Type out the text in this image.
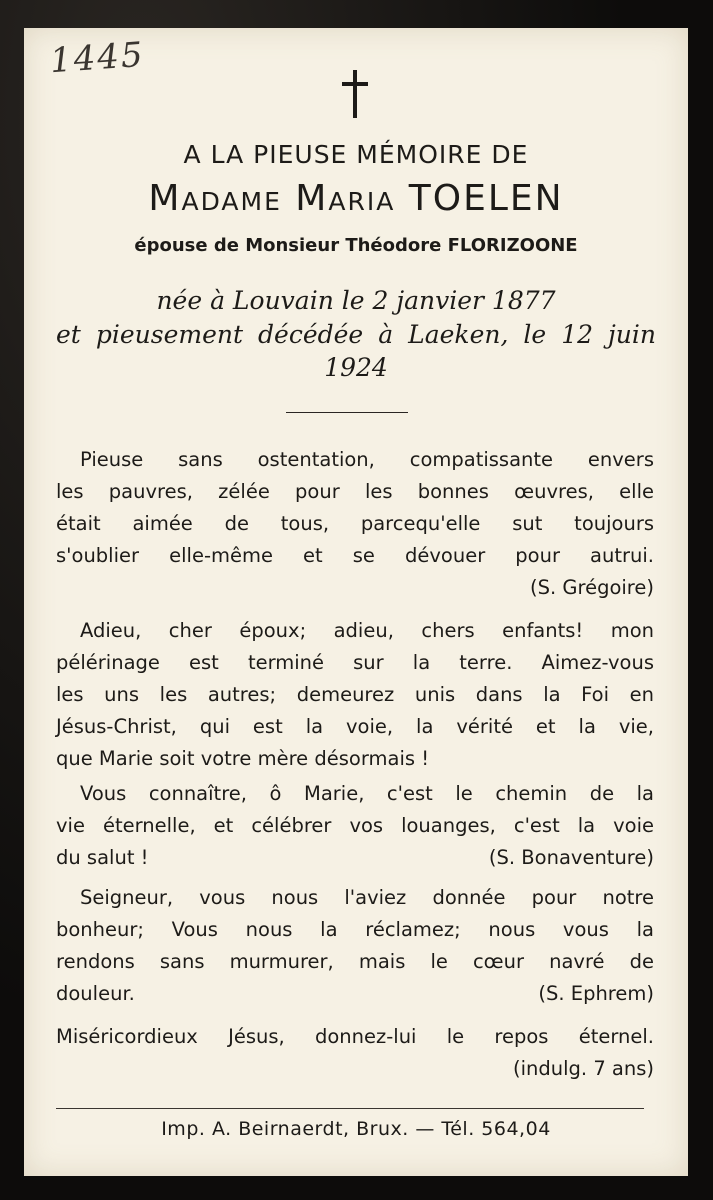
1445
A LA PIEUSE MÉMOIRE DE
Madame Maria TOELEN
épouse de Monsieur Théodore FLORIZOONE
née à Louvain le 2 janvier 1877
et pieusement décédée à Laeken, le 12 juin
1924
Pieuse sans ostentation, compatissante envers
les pauvres, zélée pour les bonnes œuvres, elle
était aimée de tous, parcequ'elle sut toujours
s'oublier elle-même et se dévouer pour autrui.
(S. Grégoire)
Adieu, cher époux; adieu, chers enfants! mon
pélérinage est terminé sur la terre. Aimez-vous
les uns les autres; demeurez unis dans la Foi en
Jésus-Christ, qui est la voie, la vérité et la vie,
que Marie soit votre mère désormais !
Vous connaître, ô Marie, c'est le chemin de la
vie éternelle, et célébrer vos louanges, c'est la voie
du salut !	(S. Bonaventure)
Seigneur, vous nous l'aviez donnée pour notre
bonheur; Vous nous la réclamez; nous vous la
rendons sans murmurer, mais le cœur navré de
douleur.	(S. Ephrem)
Miséricordieux Jésus, donnez-lui le repos éternel.
(indulg. 7 ans)
Imp. A. Beirnaerdt, Brux. — Tél. 564,04
